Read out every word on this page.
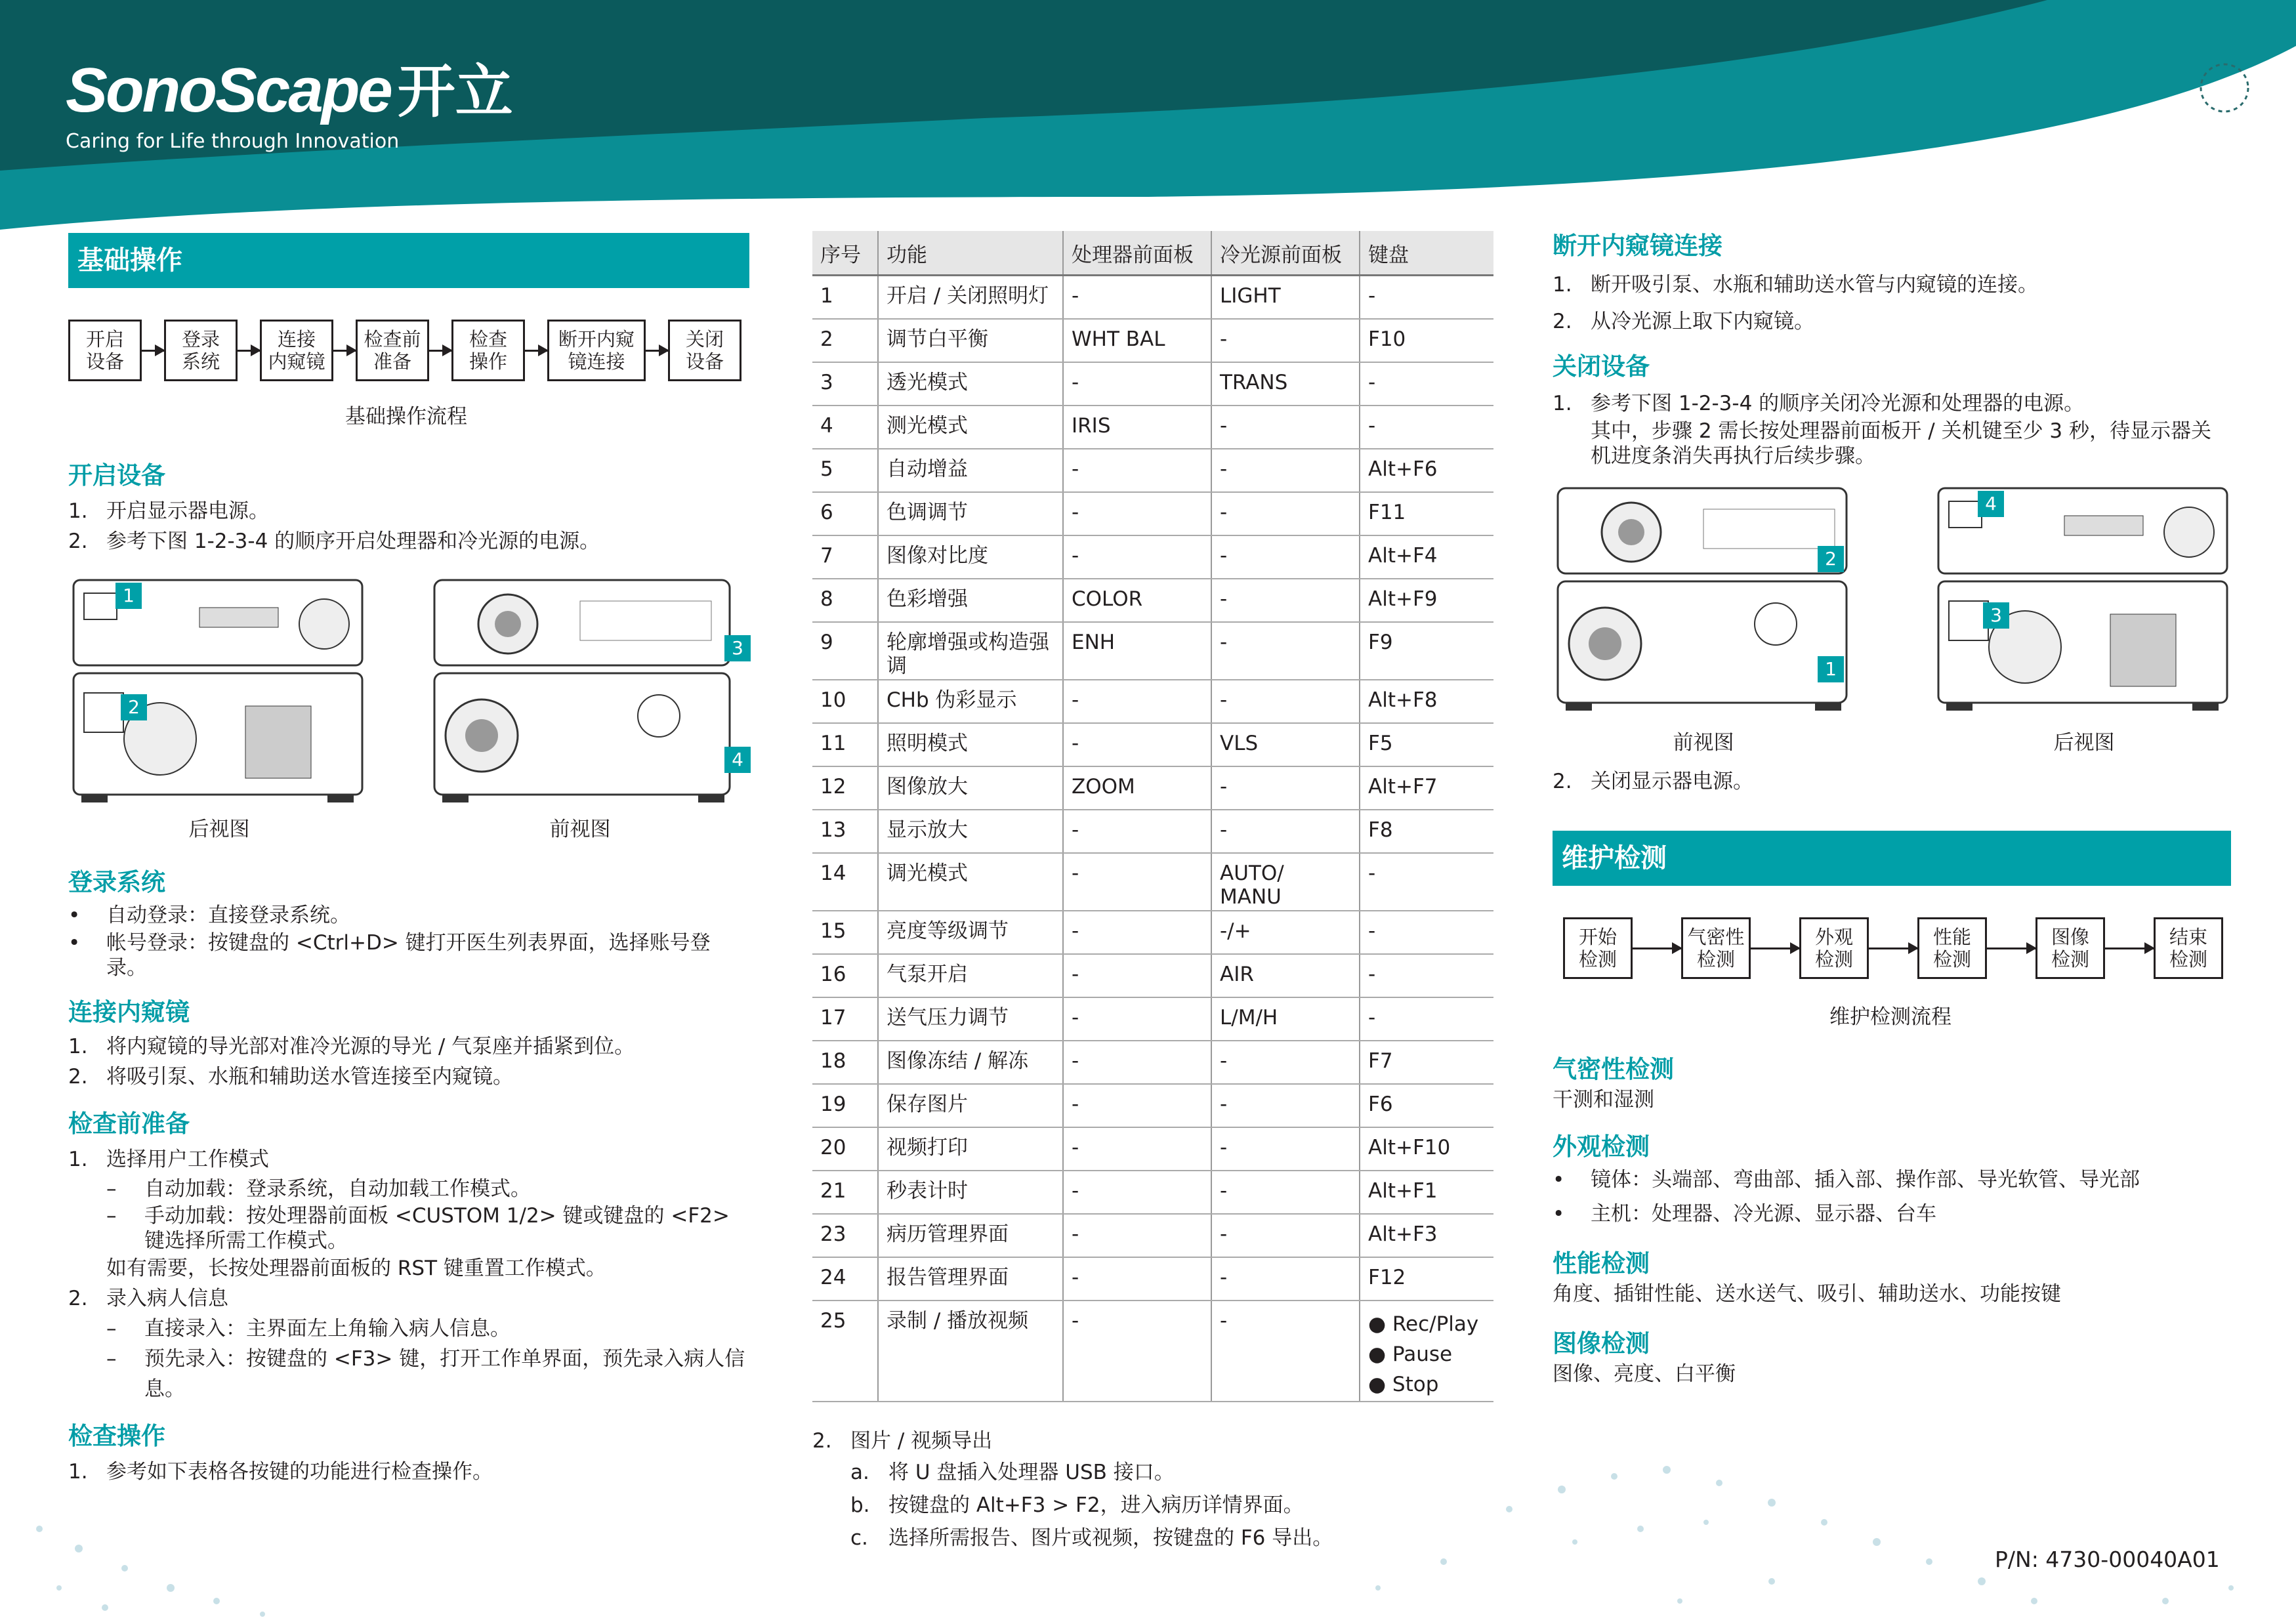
SonoScape 开立
Caring for Life through Innovation
基础操作
开启
设备
登录
系统
连接
内窥镜
检查前
准备
检查
操作
断开内窥
镜连接
关闭
设备
基础操作流程
开启设备
1. 开启显示器电源。
2. 参考下图 1-2-3-4 的顺序开启处理器和冷光源的电源。
1
2
3
4
后视图	前视图
登录系统
•	自动登录：直接登录系统。
•	帐号登录：按键盘的 <Ctrl+D> 键打开医生列表界面，选择账号登录。
连接内窥镜
1. 将内窥镜的导光部对准冷光源的导光 / 气泵座并插紧到位。
2. 将吸引泵、水瓶和辅助送水管连接至内窥镜。
检查前准备
1. 选择用户工作模式
–	自动加载：登录系统，自动加载工作模式。
–	手动加载：按处理器前面板 <CUSTOM 1/2> 键或键盘的 <F2> 键选择所需工作模式。
如有需要，长按处理器前面板的 RST 键重置工作模式。
2. 录入病人信息
–	直接录入：主界面左上角输入病人信息。
–	预先录入：按键盘的 <F3> 键，打开工作单界面，预先录入病人信息。
检查操作
1. 参考如下表格各按键的功能进行检查操作。
序号	功能	处理器前面板	冷光源前面板	键盘
1	开启 / 关闭照明灯	-	LIGHT	-
2	调节白平衡	WHT BAL	-	F10
3	透光模式	-	TRANS	-
4	测光模式	IRIS	-	-
5	自动增益	-	-	Alt+F6
6	色调调节	-	-	F11
7	图像对比度	-	-	Alt+F4
8	色彩增强	COLOR	-	Alt+F9
9	轮廓增强或构造强调	ENH	-	F9
10	CHb 伪彩显示	-	-	Alt+F8
11	照明模式	-	VLS	F5
12	图像放大	ZOOM	-	Alt+F7
13	显示放大	-	-	F8
14	调光模式	-	AUTO/ MANU	-
15	亮度等级调节	-	-/+	-
16	气泵开启	-	AIR	-
17	送气压力调节	-	L/M/H	-
18	图像冻结 / 解冻	-	-	F7
19	保存图片	-	-	F6
20	视频打印	-	-	Alt+F10
21	秒表计时	-	-	Alt+F1
23	病历管理界面	-	-	Alt+F3
24	报告管理界面	-	-	F12
25	录制 / 播放视频	-	-	● Rec/Play
● Pause
● Stop
2. 图片 / 视频导出
a. 将 U 盘插入处理器 USB 接口。
b. 按键盘的 Alt+F3 > F2，进入病历详情界面。
c.	选择所需报告、图片或视频，按键盘的 F6 导出。
断开内窥镜连接
1. 断开吸引泵、水瓶和辅助送水管与内窥镜的连接。
2. 从冷光源上取下内窥镜。
关闭设备
1. 参考下图 1-2-3-4 的顺序关闭冷光源和处理器的电源。
其中，步骤 2 需长按处理器前面板开 / 关机键至少 3 秒，待显示器关机进度条消失再执行后续步骤。
2
1
4
3
前视图	后视图
2. 关闭显示器电源。
维护检测
开始
检测
气密性
检测
外观
检测
性能
检测
图像
检测
结束
检测
维护检测流程
气密性检测
干测和湿测
外观检测
•	镜体：头端部、弯曲部、插入部、操作部、导光软管、导光部
•	主机：处理器、冷光源、显示器、台车
性能检测
角度、插钳性能、送水送气、吸引、辅助送水、功能按键
图像检测
图像、亮度、白平衡
P/N: 4730-00040A01
